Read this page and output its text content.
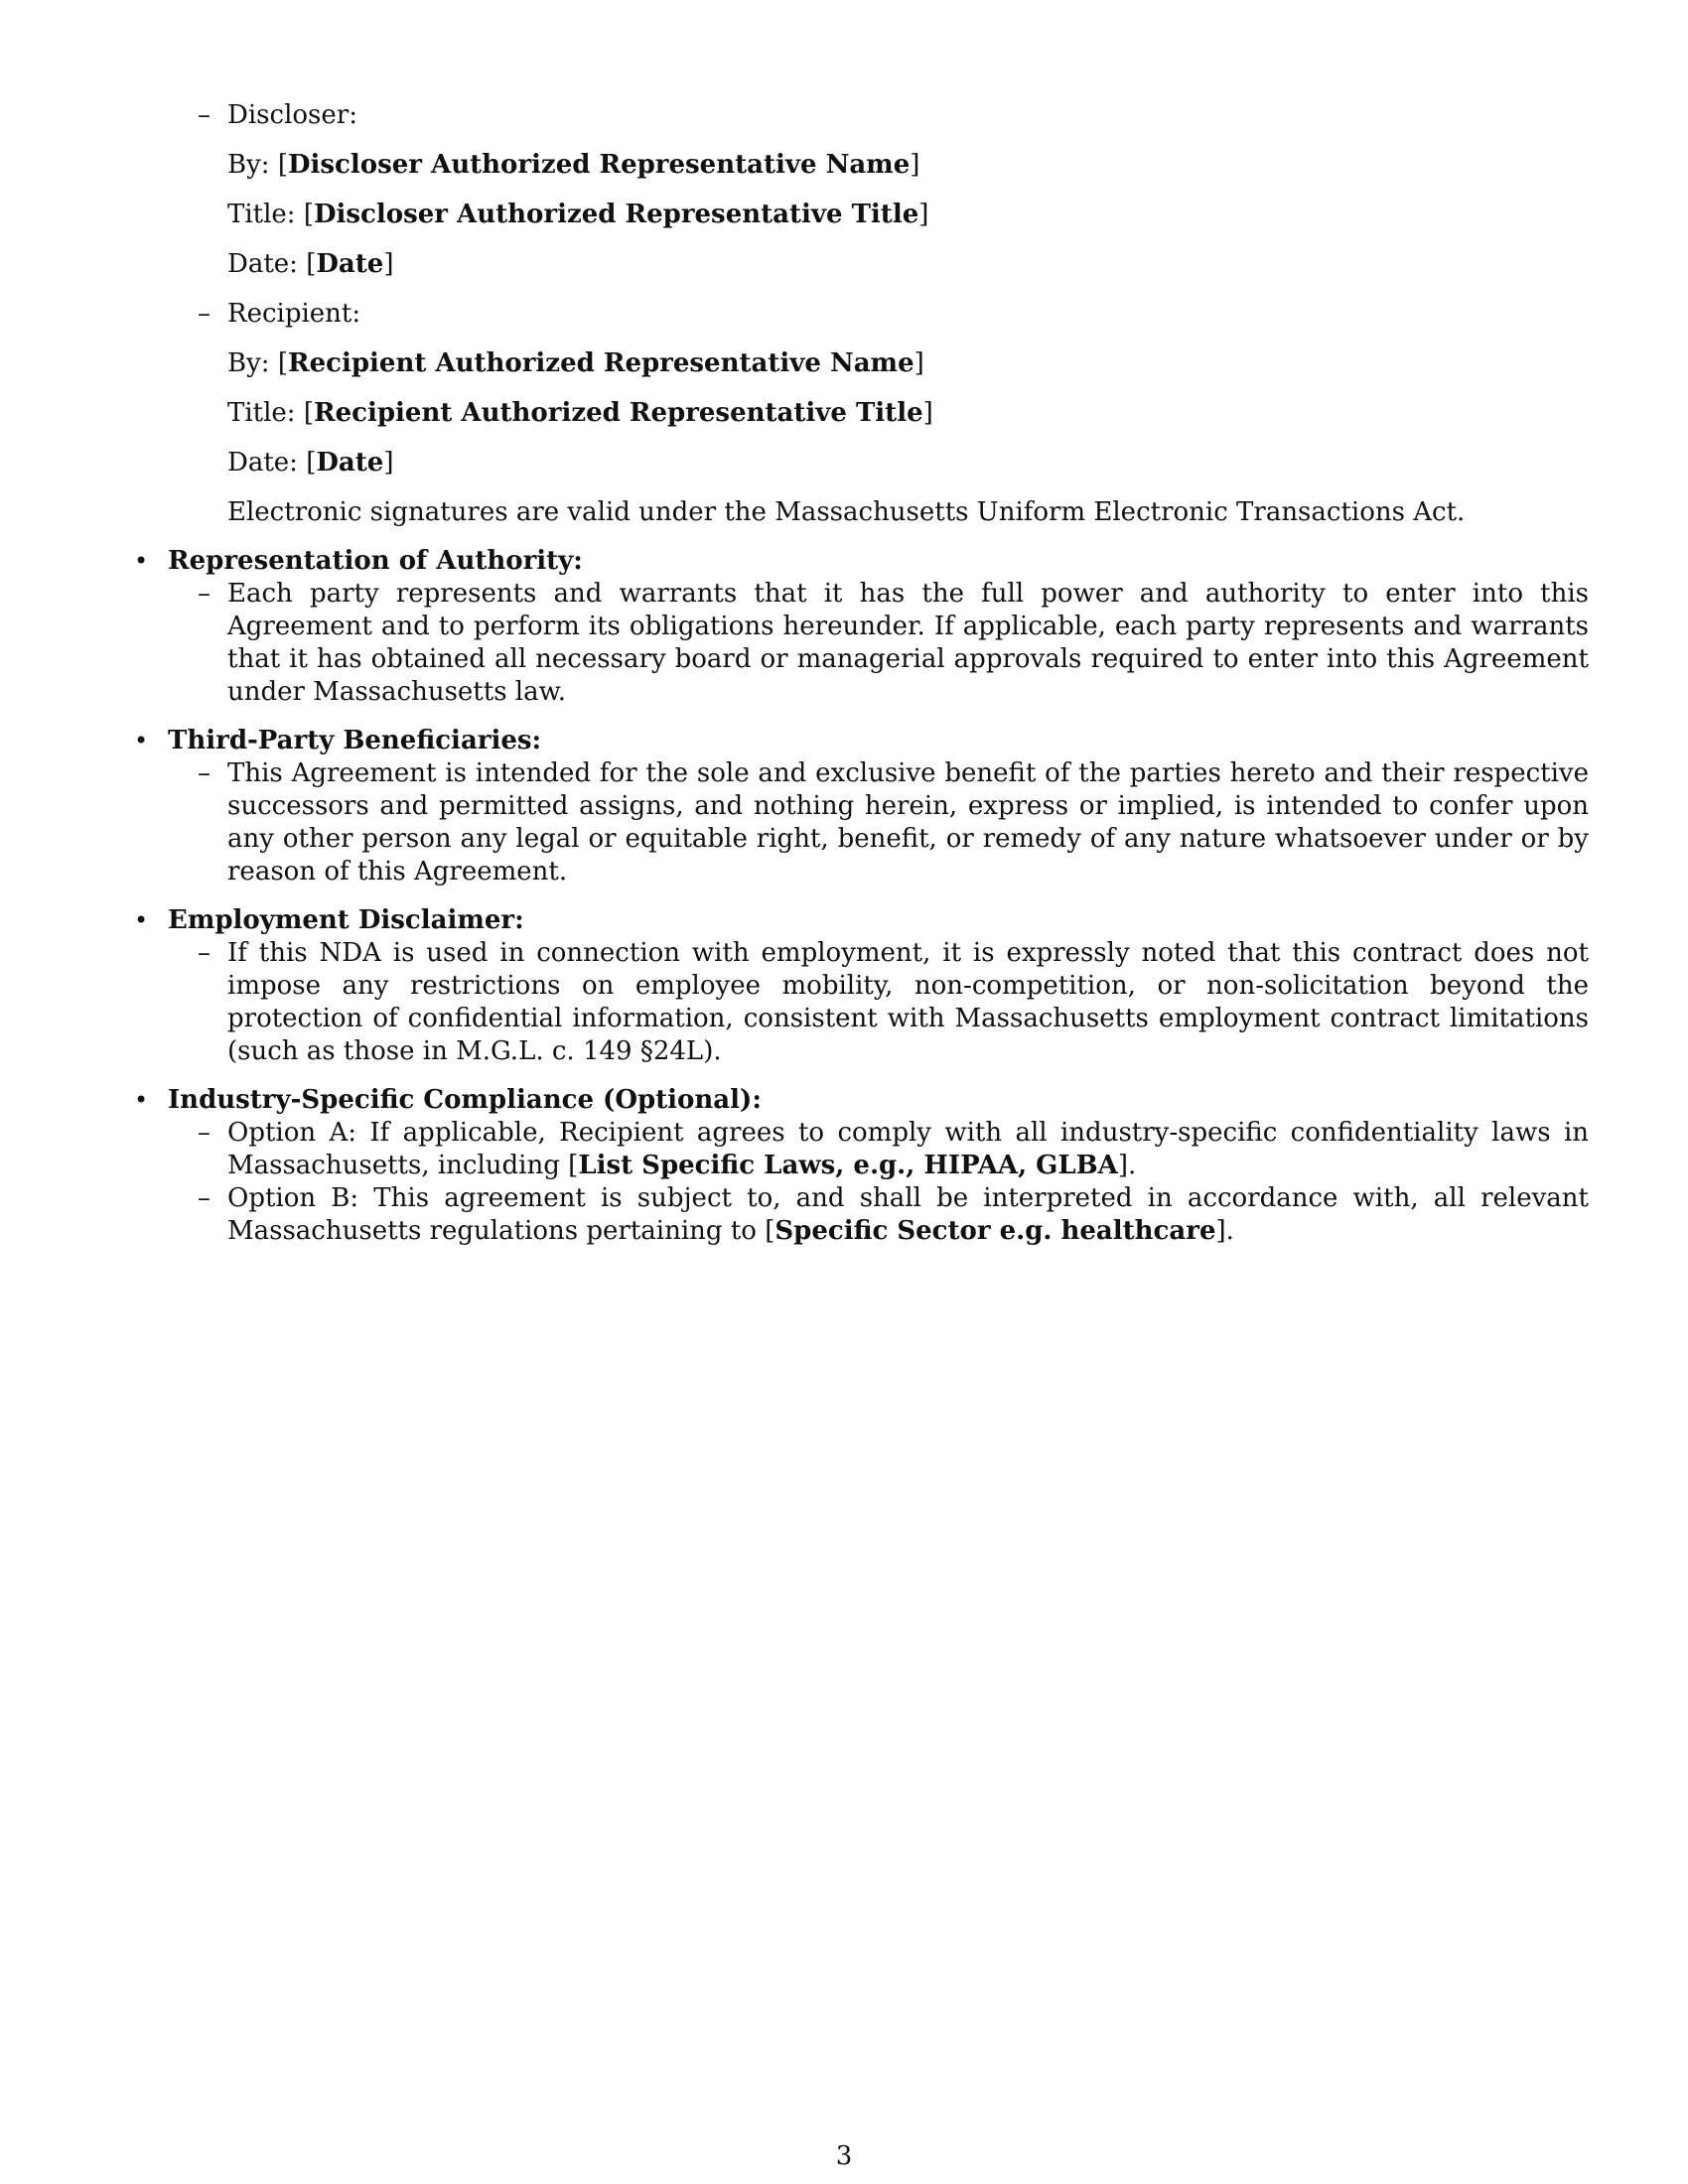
– Discloser:
By: [Discloser Authorized Representative Name]
Title: [Discloser Authorized Representative Title]
Date: [Date]
– Recipient:
By: [Recipient Authorized Representative Name]
Title: [Recipient Authorized Representative Title]
Date: [Date]
Electronic signatures are valid under the Massachusetts Uniform Electronic Transactions Act.
• Representation of Authority:
– Each party represents and warrants that it has the full power and authority to enter into this Agreement and to perform its obligations hereunder. If applicable, each party represents and warrants that it has obtained all necessary board or managerial approvals required to enter into this Agreement under Massachusetts law.
• Third-Party Beneficiaries:
– This Agreement is intended for the sole and exclusive benefit of the parties hereto and their respective successors and permitted assigns, and nothing herein, express or implied, is intended to confer upon any other person any legal or equitable right, benefit, or remedy of any nature whatsoever under or by reason of this Agreement.
• Employment Disclaimer:
– If this NDA is used in connection with employment, it is expressly noted that this contract does not impose any restrictions on employee mobility, non-competition, or non-solicitation beyond the protection of confidential information, consistent with Massachusetts employment contract limitations (such as those in M.G.L. c. 149 §24L).
• Industry-Specific Compliance (Optional):
– Option A: If applicable, Recipient agrees to comply with all industry-specific confidentiality laws in Massachusetts, including [List Specific Laws, e.g., HIPAA, GLBA].
– Option B: This agreement is subject to, and shall be interpreted in accordance with, all relevant Massachusetts regulations pertaining to [Specific Sector e.g. healthcare].
3
